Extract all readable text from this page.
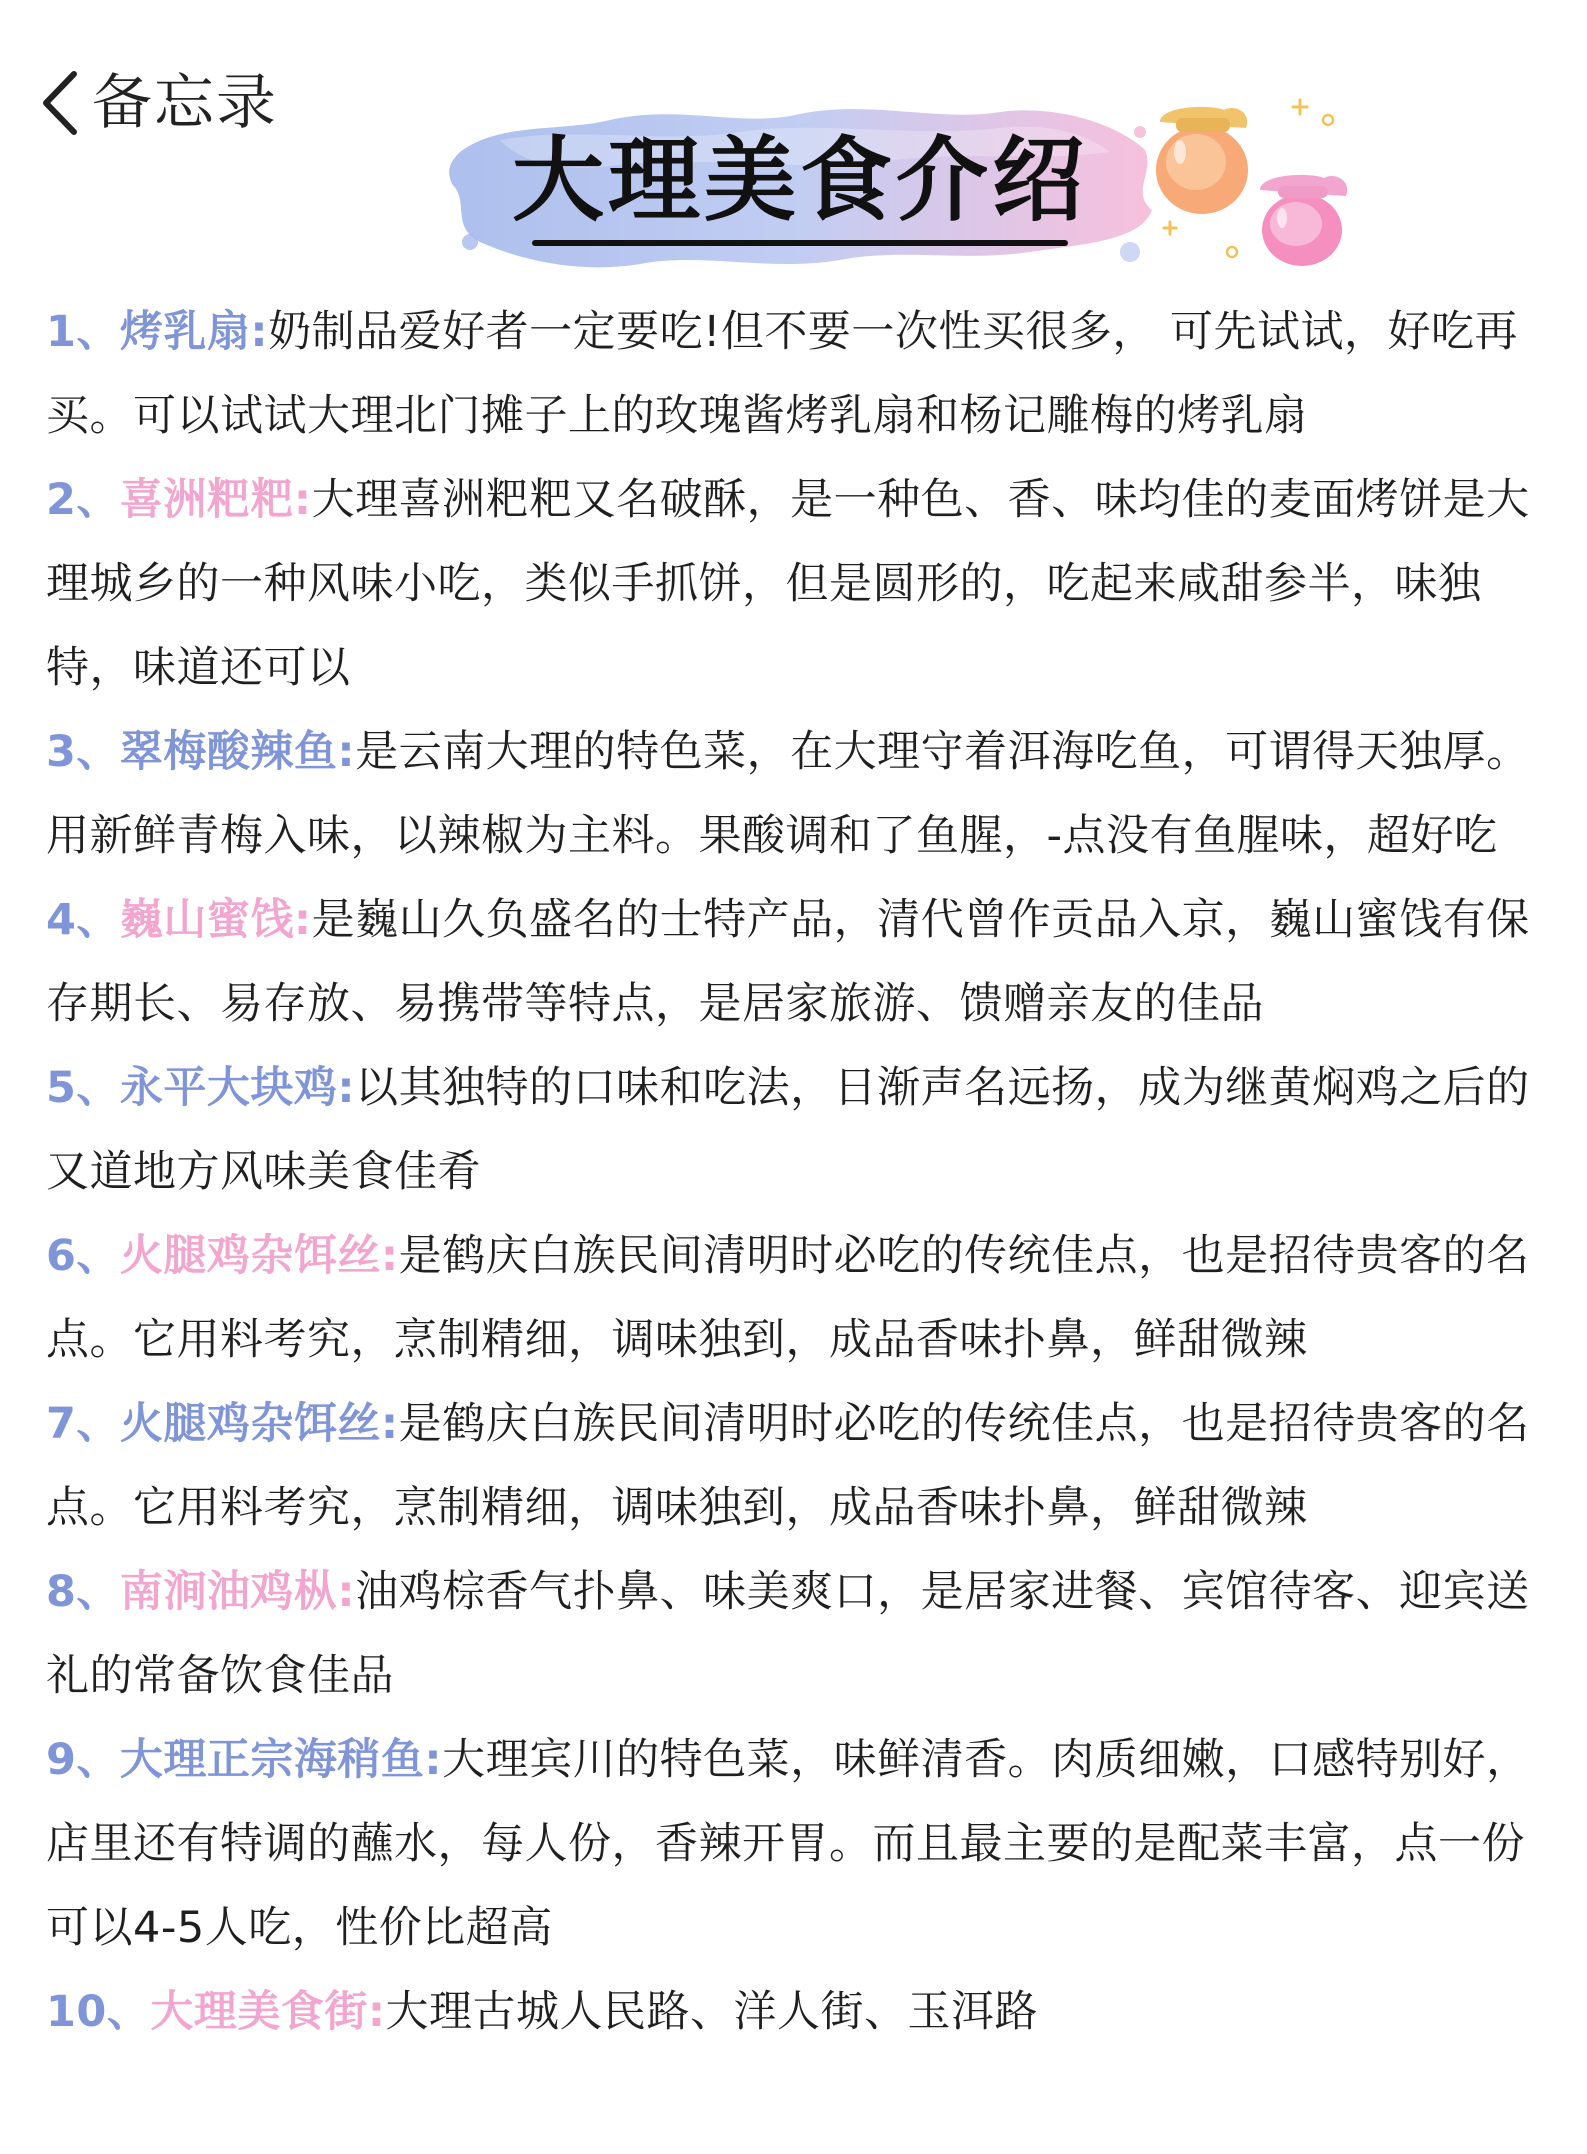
备忘录
大理美食介绍
1、烤乳扇:奶制品爱好者一定要吃!但不要一次性买很多， 可先试试，好吃再买。可以试试大理北门摊子上的玫瑰酱烤乳扇和杨记雕梅的烤乳扇
2、喜洲粑粑:大理喜洲粑粑又名破酥，是一种色、香、味均佳的麦面烤饼是大理城乡的一种风味小吃，类似手抓饼，但是圆形的，吃起来咸甜参半，味独特，味道还可以
3、翠梅酸辣鱼:是云南大理的特色菜，在大理守着洱海吃鱼，可谓得天独厚。用新鲜青梅入味，以辣椒为主料。果酸调和了鱼腥，-点没有鱼腥味，超好吃
4、巍山蜜饯:是巍山久负盛名的士特产品，清代曾作贡品入京，巍山蜜饯有保存期长、易存放、易携带等特点，是居家旅游、馈赠亲友的佳品
5、永平大块鸡:以其独特的口味和吃法，日渐声名远扬，成为继黄焖鸡之后的又道地方风味美食佳肴
6、火腿鸡杂饵丝:是鹤庆白族民间清明时必吃的传统佳点，也是招待贵客的名点。它用料考究，烹制精细，调味独到，成品香味扑鼻，鲜甜微辣
7、火腿鸡杂饵丝:是鹤庆白族民间清明时必吃的传统佳点，也是招待贵客的名点。它用料考究，烹制精细，调味独到，成品香味扑鼻，鲜甜微辣
8、南涧油鸡枞:油鸡棕香气扑鼻、味美爽口，是居家进餐、宾馆待客、迎宾送礼的常备饮食佳品
9、大理正宗海稍鱼:大理宾川的特色菜，味鲜清香。肉质细嫩，口感特别好，店里还有特调的蘸水，每人份，香辣开胃。而且最主要的是配菜丰富，点一份可以4-5人吃，性价比超高
10、大理美食街:大理古城人民路、洋人街、玉洱路
